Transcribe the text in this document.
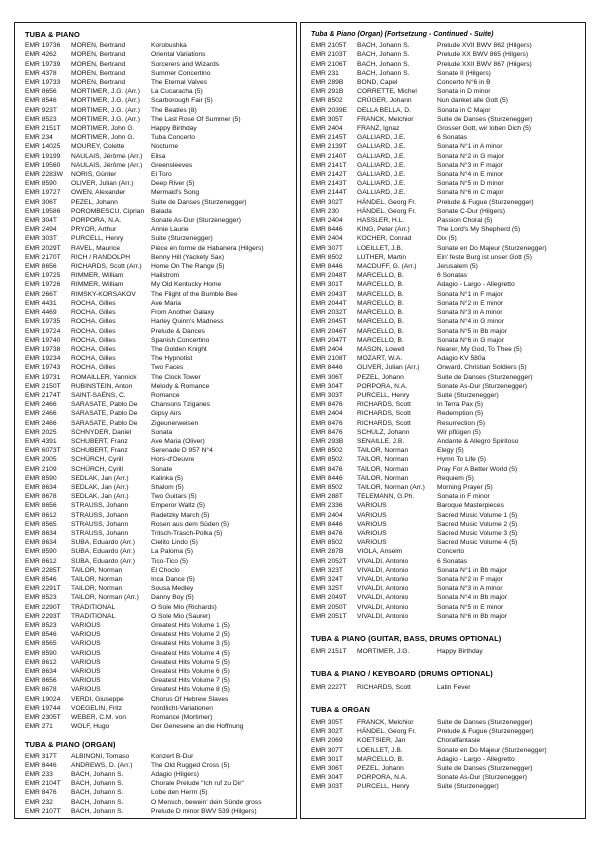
TUBA & PIANO
EMR 19736	MOREN, Bertrand	Korobushka
EMR 4262	MOREN, Bertrand	Oriental Variations
EMR 19739	MOREN, Bertrand	Sorcerers and Wizards
EMR 4378	MOREN, Bertrand	Summer Concertino
EMR 19733	MOREN, Bertrand	The Eternal Valves
EMR 8656	MORTIMER, J.G. (Arr.)	La Cucaracha (5)
EMR 8546	MORTIMER, J.G. (Arr.)	Scarborough Fair (5)
EMR 923T	MORTIMER, J.G. (Arr.)	The Beatles (8)
EMR 8523	MORTIMER, J.G. (Arr.)	The Last Rose Of Summer (5)
EMR 2151T	MORTIMER, John G.	Happy Birthday
EMR 234	MORTIMER, John G.	Tuba Concerto
EMR 14025	MOUREY, Colette	Nocturne
EMR 19199	NAULAIS, Jérôme (Arr.)	Elisa
EMR 19560	NAULAIS, Jérôme (Arr.)	Greensleeves
EMR 2283W	NORIS, Günter	El Toro
EMR 8590	OLIVER, Julian (Arr.)	Deep River (5)
EMR 19727	OWEN, Alexander	Mermaid's Song
EMR 306T	PEZEL, Johann	Suite de Danses (Sturzenegger)
EMR 19586	POROMBESCU, Ciprian	Balada
EMR 304T	PORPORA, N.A.	Sonate As-Dur (Sturzenegger)
EMR 2494	PRYOR, Arthur	Annie Laurie
EMR 303T	PURCELL, Henry	Suite (Sturzenegger)
EMR 2029T	RAVEL, Maurice	Pièce en forme de Habanera (Hilgers)
EMR 2170T	RICH / RANDOLPH	Benny Hill (Yackety Sax)
EMR 8656	RICHARDS, Scott (Arr.)	Home On The Range (5)
EMR 19725	RIMMER, William	Hailstrom
EMR 19726	RIMMER, William	My Old Kentucky Home
EMR 266T	RIMSKY-KORSAKOV	The Flight of the Bumble Bee
EMR 4431	ROCHA, Gilles	Ave Maria
EMR 4469	ROCHA, Gilles	From Another Galaxy
EMR 19735	ROCHA, Gilles	Harley Quinn's Madness
EMR 19724	ROCHA, Gilles	Prelude & Dances
EMR 19740	ROCHA, Gilles	Spanish Concertino
EMR 19738	ROCHA, Gilles	The Golden Knight
EMR 19234	ROCHA, Gilles	The Hypnotist
EMR 19743	ROCHA, Gilles	Two Faces
EMR 19731	ROMAILLER, Yannick	The Clock Tower
EMR 2150T	RUBINSTEIN, Anton	Melody & Romance
EMR 2174T	SAINT-SAËNS, C.	Romance
EMR 2466	SARASATE, Pablo De	Chansons Tziganes
EMR 2466	SARASATE, Pablo De	Gipsy Airs
EMR 2466	SARASATE, Pablo De	Zigeunerweisen
EMR 2025	SCHNYDER, Daniel	Sonata
EMR 4391	SCHUBERT, Franz	Ave Maria (Oliver)
EMR 6073T	SCHUBERT, Franz	Serenade D 957 N°4
EMR 2005	SCHÜRCH, Cyrill	Hors-d'Oeuvre
EMR 2109	SCHÜRCH, Cyrill	Sonate
EMR 8590	SEDLAK, Jan (Arr.)	Kalinka (5)
EMR 8634	SEDLAK, Jan (Arr.)	Shalom (5)
EMR 8678	SEDLAK, Jan (Arr.)	Two Guitars (5)
EMR 8656	STRAUSS, Johann	Emperor Waltz (5)
EMR 8612	STRAUSS, Johann	Radetzky March (5)
EMR 8565	STRAUSS, Johann	Rosen aus dem Süden (5)
EMR 8634	STRAUSS, Johann	Tritsch-Trasch-Polka (5)
EMR 8634	SUBA, Eduardo (Arr.)	Cielito Lindo (5)
EMR 8590	SUBA, Eduardo (Arr.)	La Paloma (5)
EMR 8612	SUBA, Eduardo (Arr.)	Tico-Tico (5)
EMR 2285T	TAILOR, Norman	El Choclo
EMR 8546	TAILOR, Norman	Inca Dance (5)
EMR 2291T	TAILOR, Norman	Sousa Medley
EMR 8523	TAILOR, Norman (Arr.)	Danny Boy (5)
EMR 2290T	TRADITIONAL	O Sole Mio (Richards)
EMR 2293T	TRADITIONAL	O Sole Mio (Saurer)
EMR 8523	VARIOUS	Greatest Hits Volume 1 (5)
EMR 8546	VARIOUS	Greatest Hits Volume 2 (5)
EMR 8565	VARIOUS	Greatest Hits Volume 3 (5)
EMR 8590	VARIOUS	Greatest Hits Volume 4 (5)
EMR 8612	VARIOUS	Greatest Hits Volume 5 (5)
EMR 8634	VARIOUS	Greatest Hits Volume 6 (5)
EMR 8656	VARIOUS	Greatest Hits Volume 7 (5)
EMR 8678	VARIOUS	Greatest Hits Volume 8 (5)
EMR 19024	VERDI, Giuseppe	Chorus Of Hebrew Slaves
EMR 19744	VOEGELIN, Fritz	Nordlicht-Variationen
EMR 2305T	WEBER, C.M. von	Romance (Mortimer)
EMR 271	WOLF, Hugo	Der Genesene an die Hoffnung
TUBA & PIANO (ORGAN)
EMR 317T	ALBINONI, Tomaso	Konzert B-Dur
EMR 8446	ANDREWS, D. (Arr.)	The Old Rugged Cross (5)
EMR 233	BACH, Johann S.	Adagio (Hilgers)
EMR 2104T	BACH, Johann S.	Chorale Prelude "Ich ruf zu Dir"
EMR 8476	BACH, Johann S.	Lobe den Herrn (5)
EMR 232	BACH, Johann S.	O Mensch, bewein' dein Sünde gross
EMR 2107T	BACH, Johann S.	Prelude D minor BWV 539 (Hilgers)
Tuba & Piano (Organ) (Fortsetzung - Continued - Suite)
EMR 2105T	BACH, Johann S.	Prelude XVII BWV 862 (Hilgers)
EMR 2103T	BACH, Johann S.	Prelude XX BWV 865 (Hilgers)
EMR 2106T	BACH, Johann S.	Prelude XXII BWV 867 (Hilgers)
EMR 231	BACH, Johann S.	Sonate II (Hilgers)
EMR 289B	BOND, Capel	Concerto N°6 in B
EMR 291B	CORRETTE, Michel	Sonata in D minor
EMR 8502	CRÜGER, Johann	Nun danket alle Gott (5)
EMR 2039E	DELLA BELLA, D.	Sonata in C Major
EMR 305T	FRANCK, Melchior	Suite de Danses (Sturzenegger)
EMR 2404	FRANZ, Ignaz	Grosser Gott, wir loben Dich (5)
EMR 2145T	GALLIARD, J.E.	6 Sonatas
EMR 2139T	GALLIARD, J.E.	Sonata N°1 in A minor
EMR 2140T	GALLIARD, J.E.	Sonata N°2 in G major
EMR 2141T	GALLIARD, J.E.	Sonata N°3 in F major
EMR 2142T	GALLIARD, J.E.	Sonata N°4 in E minor
EMR 2143T	GALLIARD, J.E.	Sonata N°5 in D minor
EMR 2144T	GALLIARD, J.E.	Sonata N°6 in C major
EMR 302T	HÄNDEL, Georg Fr.	Prelude & Fugue (Sturzenegger)
EMR 230	HÄNDEL, Georg Fr.	Sonate C-Dur (Hilgers)
EMR 2404	HASSLER, H.L.	Passion Choral (5)
EMR 8446	KING, Peter (Arr.)	The Lord's My Shepherd (5)
EMR 2404	KOCHER, Conrad	Dix (5)
EMR 307T	LOEILLET, J.B.	Sonate en Do Majeur (Sturzenegger)
EMR 8502	LUTHER, Martin	Ein' feste Burg ist unser Gott (5)
EMR 8446	MACDUFF, G. (Arr.)	Jerusalem (5)
EMR 2048T	MARCELLO, B.	6 Sonatas
EMR 301T	MARCELLO, B.	Adagio - Largo - Allegretto
EMR 2043T	MARCELLO, B.	Sonata N°1 in F major
EMR 2044T	MARCELLO, B.	Sonata N°2 in E minor
EMR 2032T	MARCELLO, B.	Sonata N°3 in A minor
EMR 2045T	MARCELLO, B.	Sonata N°4 in G minor
EMR 2046T	MARCELLO, B.	Sonata N°5 in Bb major
EMR 2047T	MARCELLO, B.	Sonata N°6 in G major
EMR 2404	MASON, Lowell	Nearer, My God, To Thee (5)
EMR 2108T	MOZART, W.A.	Adagio KV 580a
EMR 8446	OLIVER, Julian (Arr.)	Onward, Christian Soldiers (5)
EMR 306T	PEZEL, Johann	Suite de Danses (Sturzenegger)
EMR 304T	PORPORA, N.A.	Sonate As-Dur (Sturzenegger)
EMR 303T	PURCELL, Henry	Suite (Sturzenegger)
EMR 8476	RICHARDS, Scott	In Terra Pax (5)
EMR 2404	RICHARDS, Scott	Redemption (5)
EMR 8476	RICHARDS, Scott	Resurrection (5)
EMR 8476	SCHULZ, Johann	Wir pflügen (5)
EMR 293B	SENAILLE, J.B.	Andante & Allegro Spiritoso
EMR 8502	TAILOR, Norman	Elegy (5)
EMR 8502	TAILOR, Norman	Hymn To Life (5)
EMR 8476	TAILOR, Norman	Pray For A Better World (5)
EMR 8446	TAILOR, Norman	Requiem (5)
EMR 8502	TAILOR, Norman (Arr.)	Morning Prayer (5)
EMR 288T	TELEMANN, G.Ph.	Sonata in F minor
EMR 2336	VARIOUS	Baroque Masterpieces
EMR 2404	VARIOUS	Sacred Music Volume 1 (5)
EMR 8446	VARIOUS	Sacred Music Volume 2 (5)
EMR 8476	VARIOUS	Sacred Music Volume 3 (5)
EMR 8502	VARIOUS	Sacred Music Volume 4 (5)
EMR 287B	VIOLA, Anselm	Concerto
EMR 2052T	VIVALDI, Antonio	6 Sonatas
EMR 323T	VIVALDI, Antonio	Sonata N°1 in Bb major
EMR 324T	VIVALDI, Antonio	Sonata N°2 in F major
EMR 325T	VIVALDI, Antonio	Sonata N°3 in A minor
EMR 2049T	VIVALDI, Antonio	Sonata N°4 in Bb major
EMR 2050T	VIVALDI, Antonio	Sonata N°5 in E minor
EMR 2051T	VIVALDI, Antonio	Sonata N°6 in Bb major
TUBA & PIANO (GUITAR, BASS, DRUMS OPTIONAL)
EMR 2151T	MORTIMER, J.G.	Happy Birthday
TUBA & PIANO / KEYBOARD (DRUMS OPTIONAL)
EMR 2227T	RICHARDS, Scott	Latin Fever
TUBA & ORGAN
EMR 305T	FRANCK, Melchior	Suite de Danses (Sturzenegger)
EMR 302T	HÄNDEL, Georg Fr.	Prelude & Fugue (Sturzenegger)
EMR 2069	KOETSIER, Jan	Choralfantasie
EMR 307T	LOEILLET, J.B.	Sonate en Do Majeur (Sturzenegger)
EMR 301T	MARCELLO, B.	Adagio - Largo - Allegretto
EMR 306T	PEZEL, Johann	Suite de Danses (Sturzenegger)
EMR 304T	PORPORA, N.A.	Sonate As-Dur (Sturzenegger)
EMR 303T	PURCELL, Henry	Suite (Sturzenegger)
